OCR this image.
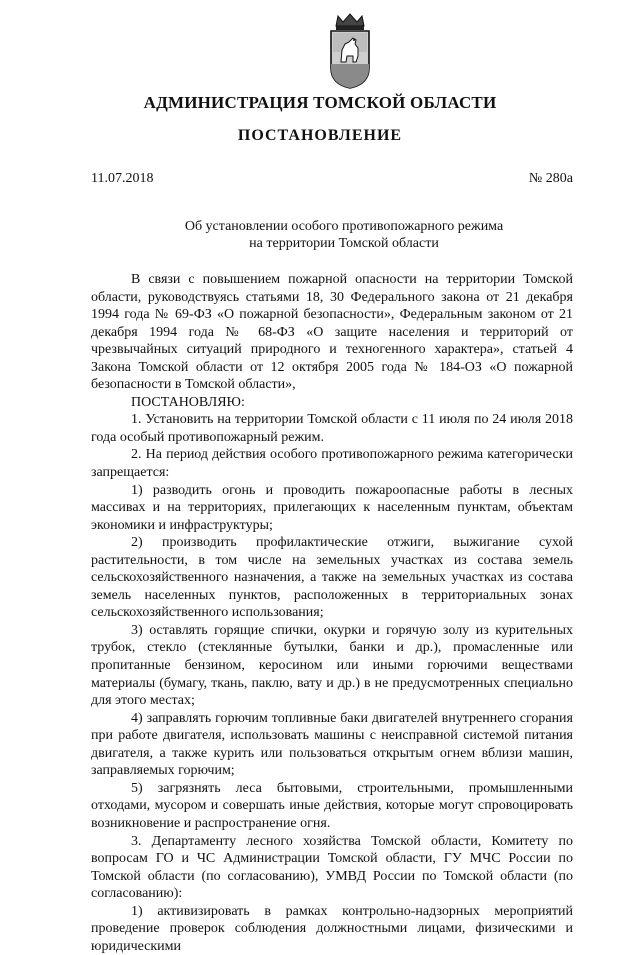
АДМИНИСТРАЦИЯ ТОМСКОЙ ОБЛАСТИ
ПОСТАНОВЛЕНИЕ
11.07.2018	№ 280а
Об установлении особого противопожарного режима
на территории Томской области

В связи с повышением пожарной опасности на территории Томской области, руководствуясь статьями 18, 30 Федерального закона от 21 декабря 1994 года № 69-ФЗ «О пожарной безопасности», Федеральным законом от 21 декабря 1994 года № 68-ФЗ «О защите населения и территорий от чрезвычайных ситуаций природного и техногенного характера», статьей 4 Закона Томской области от 12 октября 2005 года № 184-ОЗ «О пожарной безопасности в Томской области»,

ПОСТАНОВЛЯЮ:

1. Установить на территории Томской области с 11 июля по 24 июля 2018 года особый противопожарный режим.

2. На период действия особого противопожарного режима категорически запрещается:

1) разводить огонь и проводить пожароопасные работы в лесных массивах и на территориях, прилегающих к населенным пунктам, объектам экономики и инфраструктуры;

2) производить профилактические отжиги, выжигание сухой растительности, в том числе на земельных участках из состава земель сельскохозяйственного назначения, а также на земельных участках из состава земель населенных пунктов, расположенных в территориальных зонах сельскохозяйственного использования;

3) оставлять горящие спички, окурки и горячую золу из курительных трубок, стекло (стеклянные бутылки, банки и др.), промасленные или пропитанные бензином, керосином или иными горючими веществами материалы (бумагу, ткань, паклю, вату и др.) в не предусмотренных специально для этого местах;

4) заправлять горючим топливные баки двигателей внутреннего сгорания при работе двигателя, использовать машины с неисправной системой питания двигателя, а также курить или пользоваться открытым огнем вблизи машин, заправляемых горючим;

5) загрязнять леса бытовыми, строительными, промышленными отходами, мусором и совершать иные действия, которые могут спровоцировать возникновение и распространение огня.

3. Департаменту лесного хозяйства Томской области, Комитету по вопросам ГО и ЧС Администрации Томской области, ГУ МЧС России по Томской области (по согласованию), УМВД России по Томской области (по согласованию):

1) активизировать в рамках контрольно-надзорных мероприятий проведение проверок соблюдения должностными лицами, физическими и юридическими
